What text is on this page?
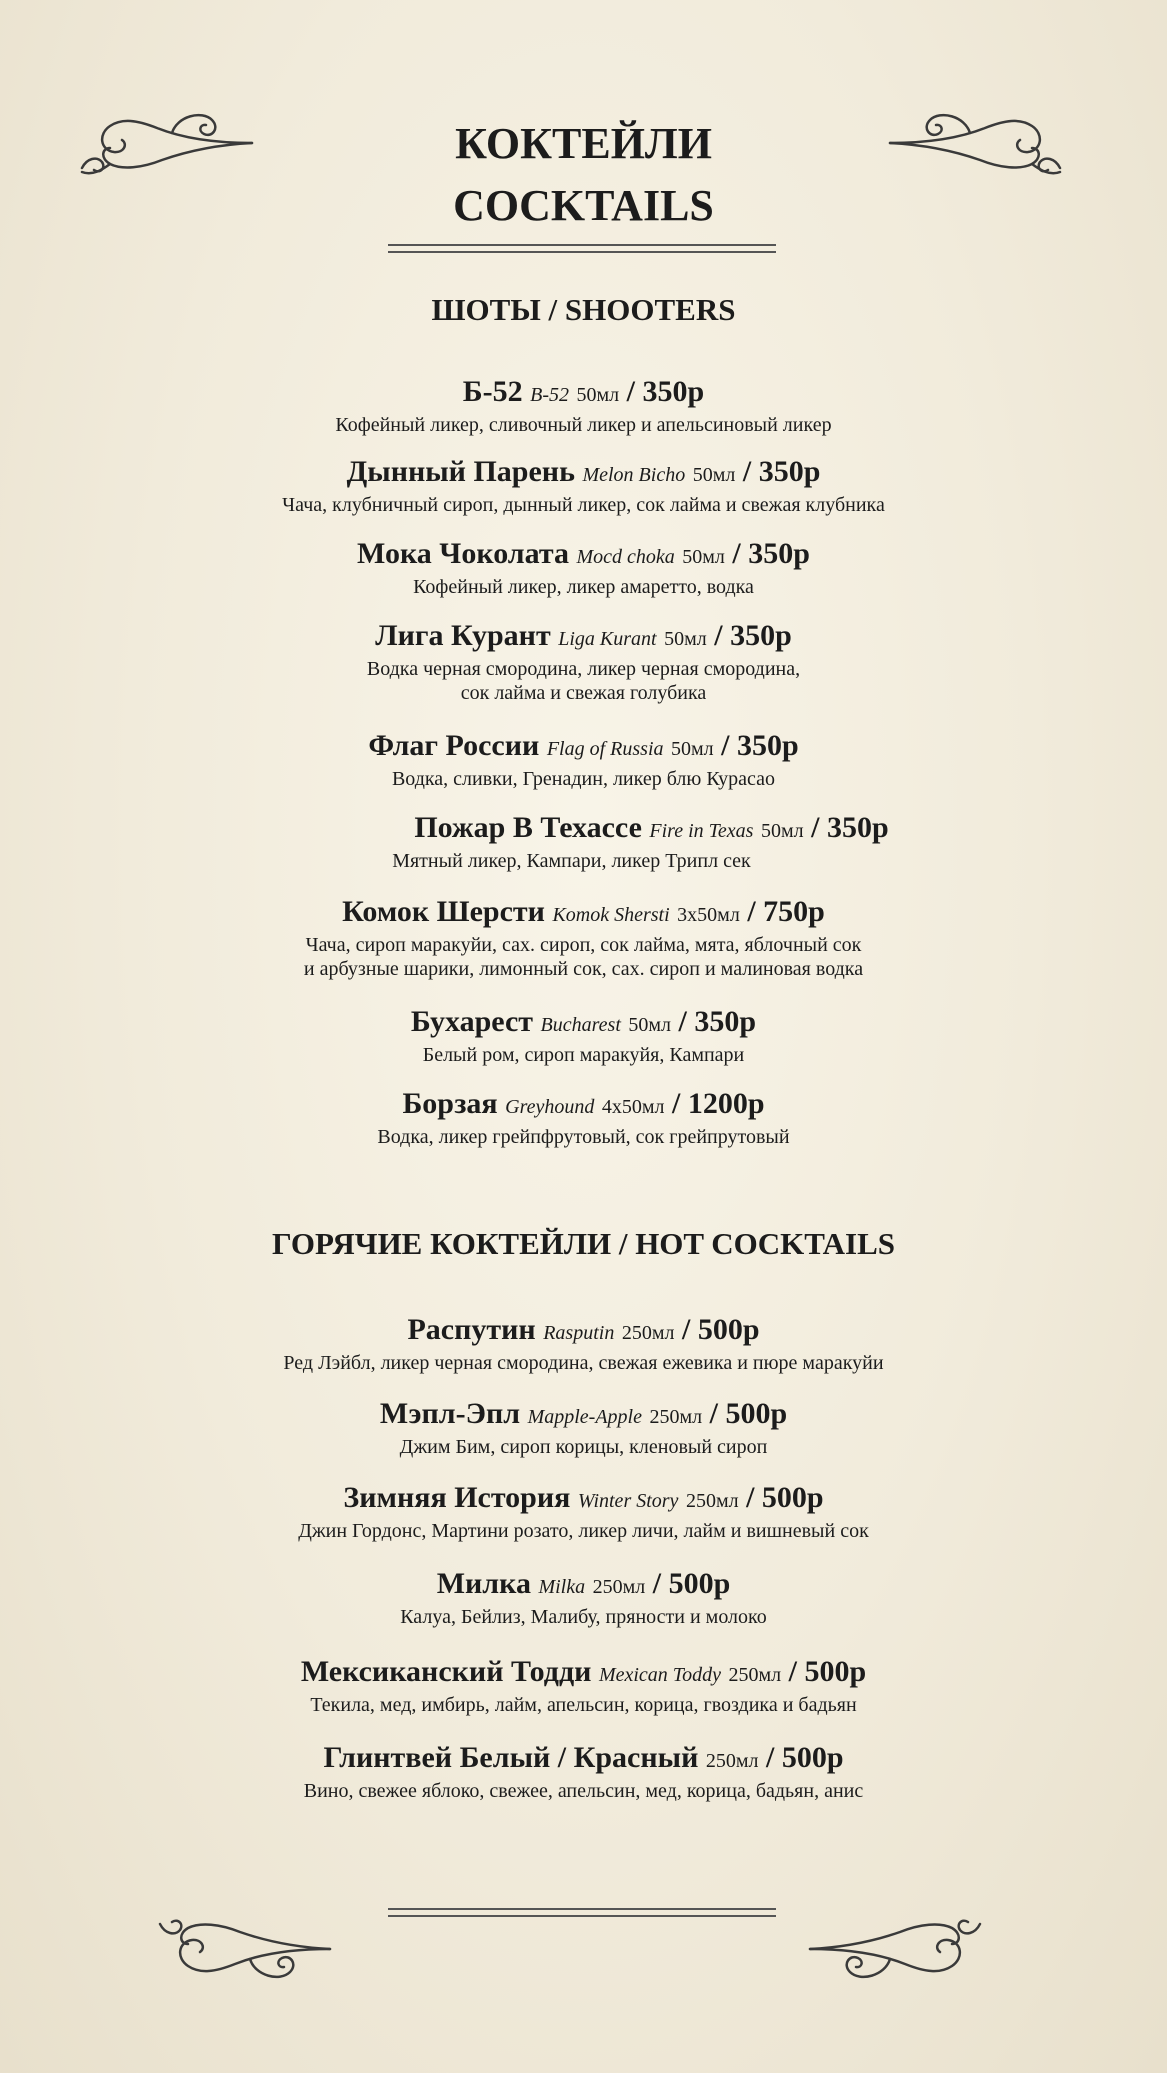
КОКТЕЙЛИ
COCKTAILS
ШОТЫ / SHOOTERS
Б-52 B-52 50мл / 350р
Кофейный ликер, сливочный ликер и апельсиновый ликер
Дынный Парень Melon Bicho 50мл / 350р
Чача, клубничный сироп, дынный ликер, сок лайма и свежая клубника
Мока Чоколата Mocd choka 50мл / 350р
Кофейный ликер, ликер амаретто, водка
Лига Курант Liga Kurant 50мл / 350р
Водка черная смородина, ликер черная смородина,
сок лайма и свежая голубика
Флаг России Flag of Russia 50мл / 350р
Водка, сливки, Гренадин, ликер блю Курасао
Пожар В Техассе Fire in Texas 50мл / 350р
Мятный ликер, Кампари, ликер Трипл сек
Комок Шерсти Komok Shersti 3х50мл / 750р
Чача, сироп маракуйи, сах. сироп, сок лайма, мята, яблочный сок
и арбузные шарики, лимонный сок, сах. сироп и малиновая водка
Бухарест Bucharest 50мл / 350р
Белый ром, сироп маракуйя, Кампари
Борзая Greyhound 4х50мл / 1200р
Водка, ликер грейпфрутовый, сок грейпрутовый
ГОРЯЧИЕ КОКТЕЙЛИ / HOT COCKTAILS
Распутин Rasputin 250мл / 500р
Ред Лэйбл, ликер черная смородина, свежая ежевика и пюре маракуйи
Мэпл-Эпл Mapple-Apple 250мл / 500р
Джим Бим, сироп корицы, кленовый сироп
Зимняя История Winter Story 250мл / 500р
Джин Гордонс, Мартини розато, ликер личи, лайм и вишневый сок
Милка Milka 250мл / 500р
Калуа, Бейлиз, Малибу, пряности и молоко
Мексиканский Тодди Mexican Toddy 250мл / 500р
Текила, мед, имбирь, лайм, апельсин, корица, гвоздика и бадьян
Глинтвей Белый / Красный 250мл / 500р
Вино, свежее яблоко, свежее, апельсин, мед, корица, бадьян, анис
